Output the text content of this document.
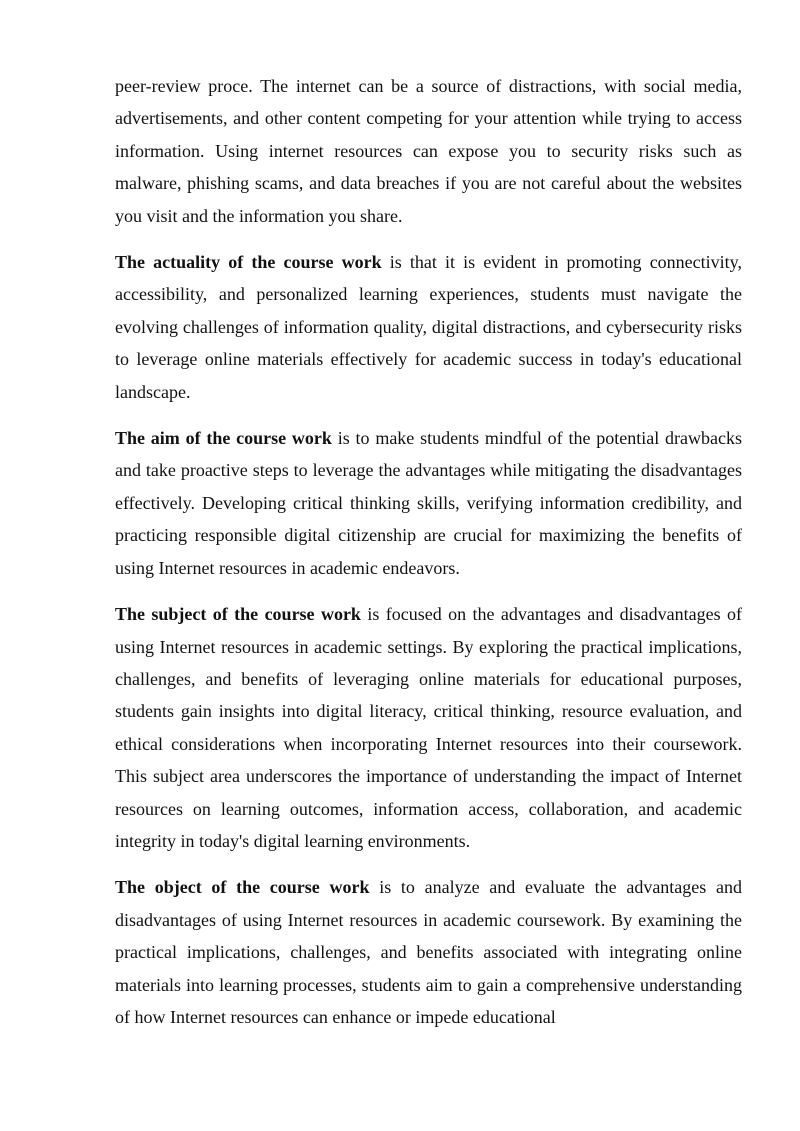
peer-review proce. The internet can be a source of distractions, with social media, advertisements, and other content competing for your attention while trying to access information. Using internet resources can expose you to security risks such as malware, phishing scams, and data breaches if you are not careful about the websites you visit and the information you share.

The actuality of the course work is that it is evident in promoting connectivity, accessibility, and personalized learning experiences, students must navigate the evolving challenges of information quality, digital distractions, and cybersecurity risks to leverage online materials effectively for academic success in today's educational landscape.

The aim of the course work is to make students mindful of the potential drawbacks and take proactive steps to leverage the advantages while mitigating the disadvantages effectively. Developing critical thinking skills, verifying information credibility, and practicing responsible digital citizenship are crucial for maximizing the benefits of using Internet resources in academic endeavors.

The subject of the course work is focused on the advantages and disadvantages of using Internet resources in academic settings. By exploring the practical implications, challenges, and benefits of leveraging online materials for educational purposes, students gain insights into digital literacy, critical thinking, resource evaluation, and ethical considerations when incorporating Internet resources into their coursework. This subject area underscores the importance of understanding the impact of Internet resources on learning outcomes, information access, collaboration, and academic integrity in today's digital learning environments.

The object of the course work is to analyze and evaluate the advantages and disadvantages of using Internet resources in academic coursework. By examining the practical implications, challenges, and benefits associated with integrating online materials into learning processes, students aim to gain a comprehensive understanding of how Internet resources can enhance or impede educational
